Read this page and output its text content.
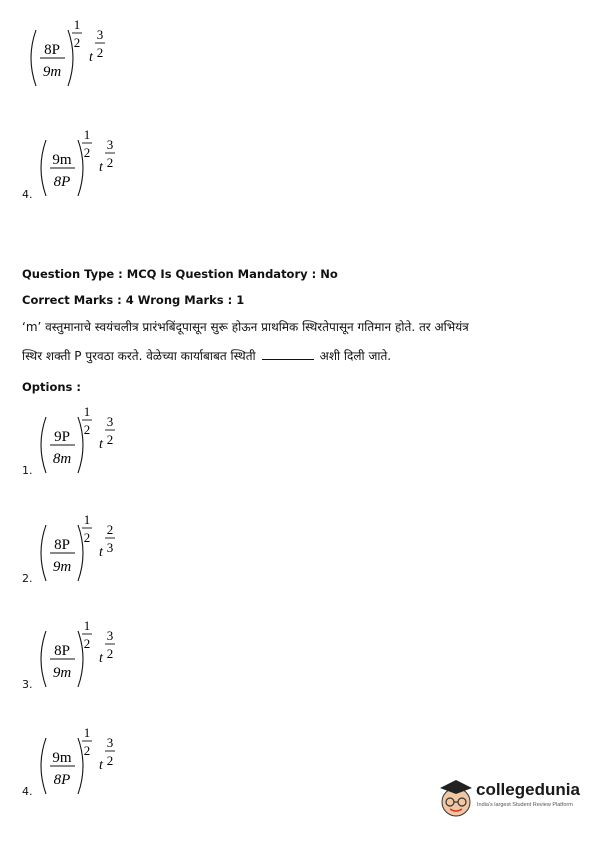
8P
9m
1
2
t
3
2
9m
8P
1
2
t
3
2
4.
Question Type : MCQ Is Question Mandatory : No
Correct Marks : 4 Wrong Marks : 1
‘m’ वस्तुमानाचे स्वयंचलीत्र प्रारंभबिंदूपासून सुरू होऊन प्राथमिक स्थिरतेपासून गतिमान होते. तर अभियंत्र
स्थिर शक्ती P पुरवठा करते. वेळेच्या कार्याबाबत स्थिती	अशी दिली जाते.
Options :
9P
8m
1
2
t
3
2
1.
8P
9m
1
2
t
2
3
2.
8P
9m
1
2
t
3
2
3.
9m
8P
1
2
t
3
2
4.	collegedunia
India's largest Student Review Platform
